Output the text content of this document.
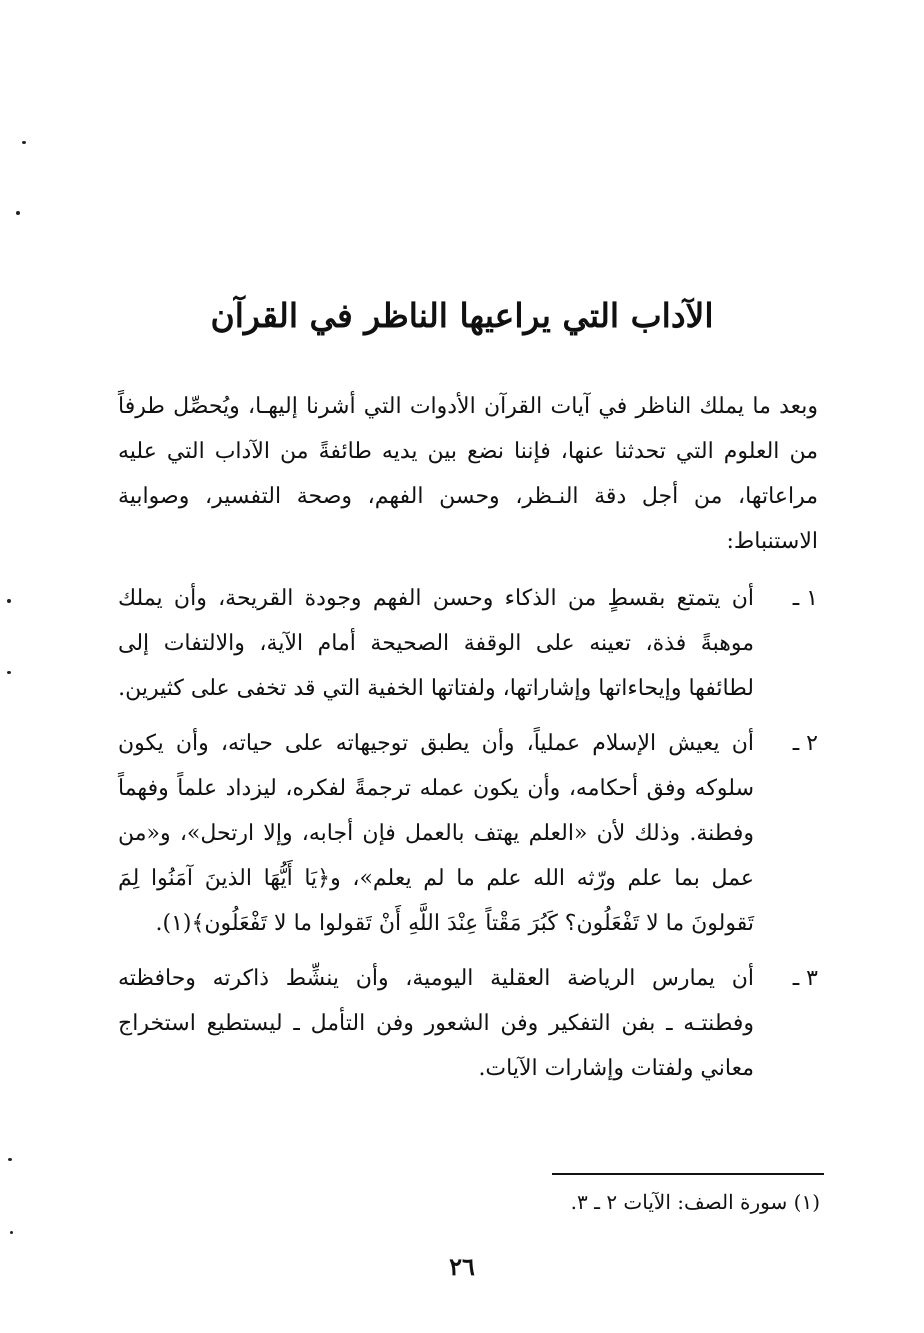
الآداب التي يراعيها الناظر في القرآن

وبعد ما يملك الناظر في آيات القرآن الأدوات التي أشرنا إليهـا، ويُحصِّل طرفاً من العلوم التي تحدثنا عنها، فإننا نضع بين يديه طائفةً من الآداب التي عليه مراعاتها، من أجل دقة النـظر، وحسن الفهم، وصحة التفسير، وصوابية الاستنباط:

١ ـ
أن يتمتع بقسطٍ من الذكاء وحسن الفهم وجودة القريحة، وأن يملك موهبةً فذة، تعينه على الوقفة الصحيحة أمام الآية، والالتفات إلى لطائفها وإيحاءاتها وإشاراتها، ولفتاتها الخفية التي قد تخفى على كثيرين.
٢ ـ
أن يعيش الإسلام عملياً، وأن يطبق توجيهاته على حياته، وأن يكون سلوكه وفق أحكامه، وأن يكون عمله ترجمةً لفكره، ليزداد علماً وفهماً وفطنة. وذلك لأن «العلم يهتف بالعمل فإن أجابه، وإلا ارتحل»، و«من عمل بما علم ورّثه الله علم ما لم يعلم»، و﴿يَا أَيُّهَا الذينَ آمَنُوا لِمَ تَقولونَ ما لا تَفْعَلُون؟ كَبُرَ مَقْتاً عِنْدَ اللَّهِ أَنْ تَقولوا ما لا تَفْعَلُون﴾(١).
٣ ـ
أن يمارس الرياضة العقلية اليومية، وأن ينشِّط ذاكرته وحافظته وفطنتـه ـ بفن التفكير وفن الشعور وفن التأمل ـ ليستطيع استخراج معاني ولفتات وإشارات الآيات.

(١) سورة الصف: الآيات ٢ ـ ٣.

٢٦
